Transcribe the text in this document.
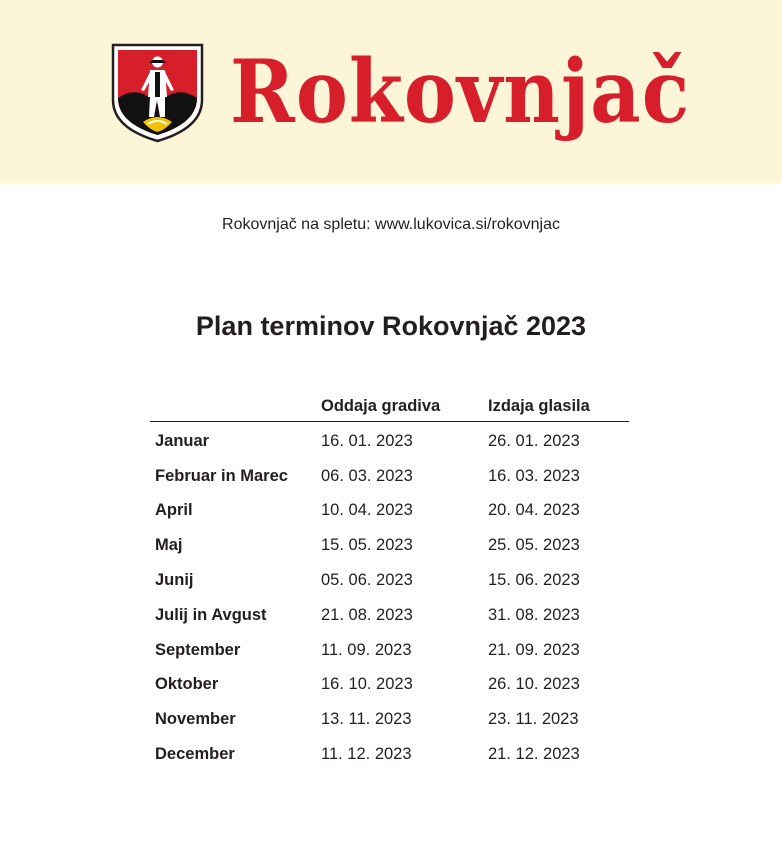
Rokovnjač
Rokovnjač na spletu: www.lukovica.si/rokovnjac
Plan terminov Rokovnjač 2023
	Oddaja gradiva	Izdaja glasila
Januar	16. 01. 2023	26. 01. 2023
Februar in Marec	06. 03. 2023	16. 03. 2023
April	10. 04. 2023	20. 04. 2023
Maj	15. 05. 2023	25. 05. 2023
Junij	05. 06. 2023	15. 06. 2023
Julij in Avgust	21. 08. 2023	31. 08. 2023
September	11. 09. 2023	21. 09. 2023
Oktober	16. 10. 2023	26. 10. 2023
November	13. 11. 2023	23. 11. 2023
December	11. 12. 2023	21. 12. 2023
